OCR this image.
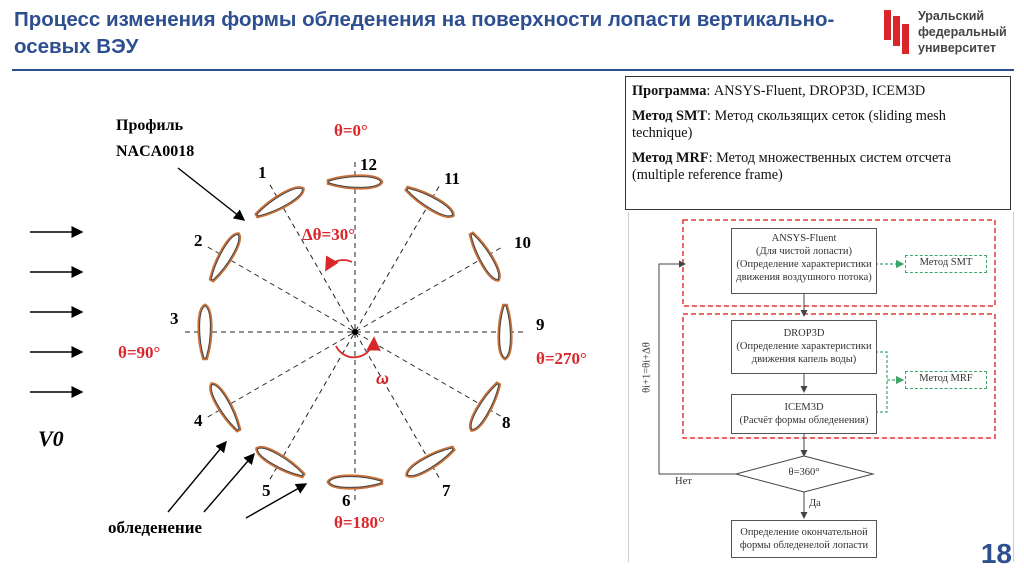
Процесс изменения формы обледенения на поверхности лопасти вертикально-осевых ВЭУ
Уральский
федеральный
университет
V0
1
2
3
4
5
6
7
8
9
10
11
12
θ=0°
θ=90°	θ=270°
θ=180°
Δθ=30°
ω
Профиль
NACA0018
обледенение

Программа: ANSYS-Fluent, DROP3D, ICEM3D

Метод SMT: Метод скользящих сеток (sliding mesh technique)

Метод MRF: Метод множественных систем отсчета (multiple reference frame)

ANSYS-Fluent
(Для чистой лопасти)
(Определение характеристики
движения воздушного потока)
DROP3D
(Определение характеристики
движения капель воды)
ICEM3D
(Расчёт формы обледенения)
θ=360°
Определение окончательной
формы обледенелой лопасти
Метод SMT
Метод MRF
Нет
Да
θi+1=θi+Δθ
18
